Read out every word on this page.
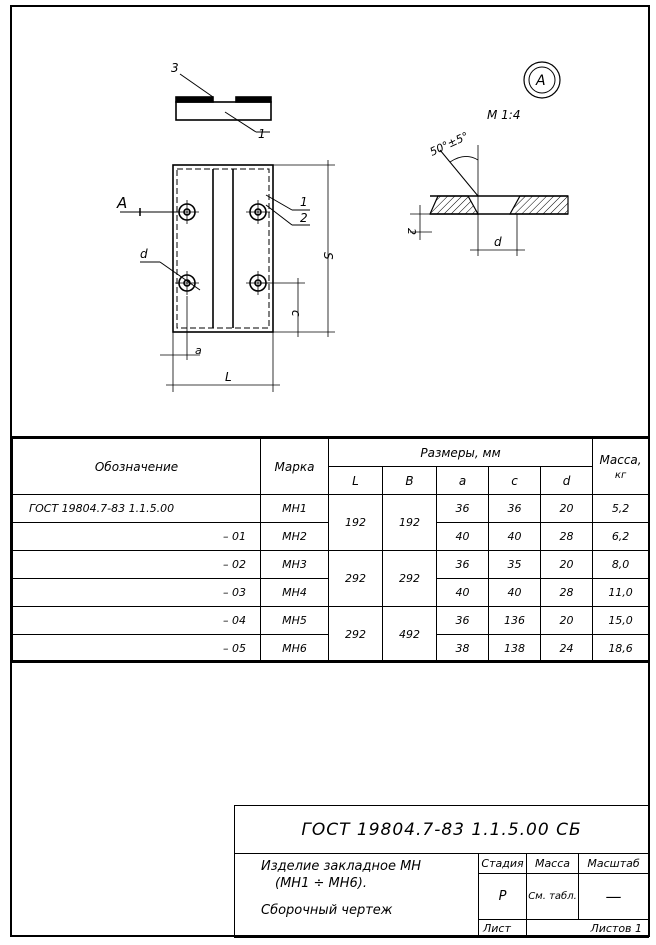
3
1
А
d
1
2
S
c
a
L
А
М 1:4
50°±5°
2
d
Обозначение	Марка	Размеры, мм					Масса,
кг
		L	B	a	c	d	
ГОСТ 19804.7-83 1.1.5.00	МН1	192	192	36	36	20	5,2
– 01	МН2			40	40	28	6,2
– 02	МН3	292	292	36	35	20	8,0
– 03	МН4			40	40	28	11,0
– 04	МН5	292	492	36	136	20	15,0
– 05	МН6			38	138	24	18,6
ГОСТ 19804.7-83 1.1.5.00 СБ			

Изделие закладное МН
(МН1 ÷ МН6).
Сборочный чертеж	Стадия	Масса	Масштаб
	Р	См. табл.	—
	Лист	Листов 1	
